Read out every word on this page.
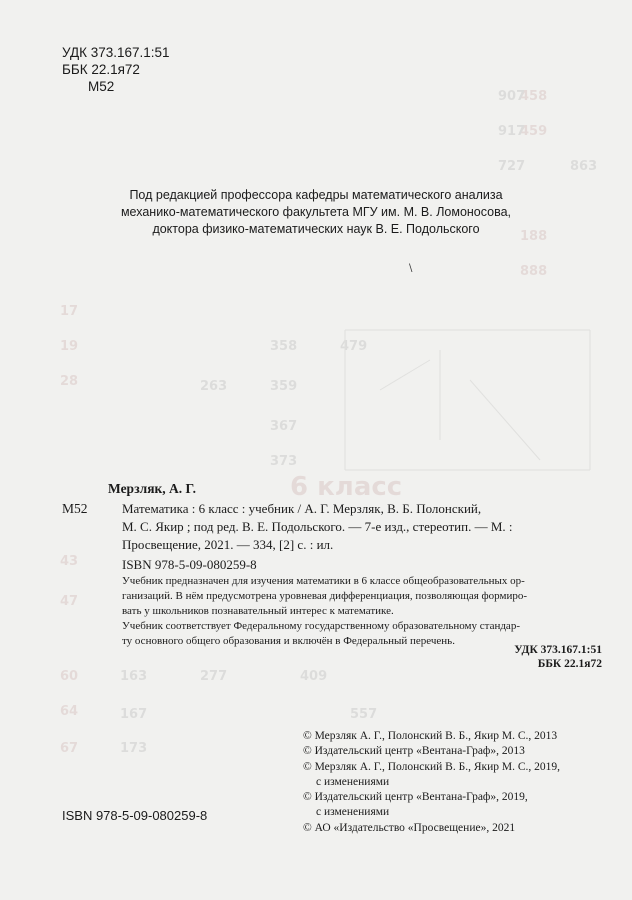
458
459
188
888
17
19
28
43
47
60
64
67
907
917
727	863
358	479
263	359
367
373
163	277	409
167	557
173
6 класс
УДК 373.167.1:51
ББК 22.1я72
М52
Под редакцией профессора кафедры математического анализа
механико-математического факультета МГУ им. М. В. Ломоносова,
доктора физико-математических наук В. Е. Подольского
\
Мерзляк, А. Г.
М52	Математика : 6 класс : учебник / А. Г. Мерзляк, В. Б. Полонский,
М. С. Якир ; под ред. В. Е. Подольского. — 7-е изд., стереотип. — М. :
Просвещение, 2021. — 334, [2] с. : ил.
ISBN 978-5-09-080259-8
Учебник предназначен для изучения математики в 6 классе общеобразовательных ор-
ганизаций. В нём предусмотрена уровневая дифференциация, позволяющая формиро-
вать у школьников познавательный интерес к математике.
Учебник соответствует Федеральному государственному образовательному стандар-
ту основного общего образования и включён в Федеральный перечень.
УДК 373.167.1:51
ББК 22.1я72
© Мерзляк А. Г., Полонский В. Б., Якир М. С., 2013
© Издательский центр «Вентана-Граф», 2013
© Мерзляк А. Г., Полонский В. Б., Якир М. С., 2019,
с изменениями
© Издательский центр «Вентана-Граф», 2019,
с изменениями
© АО «Издательство «Просвещение», 2021
ISBN 978-5-09-080259-8
